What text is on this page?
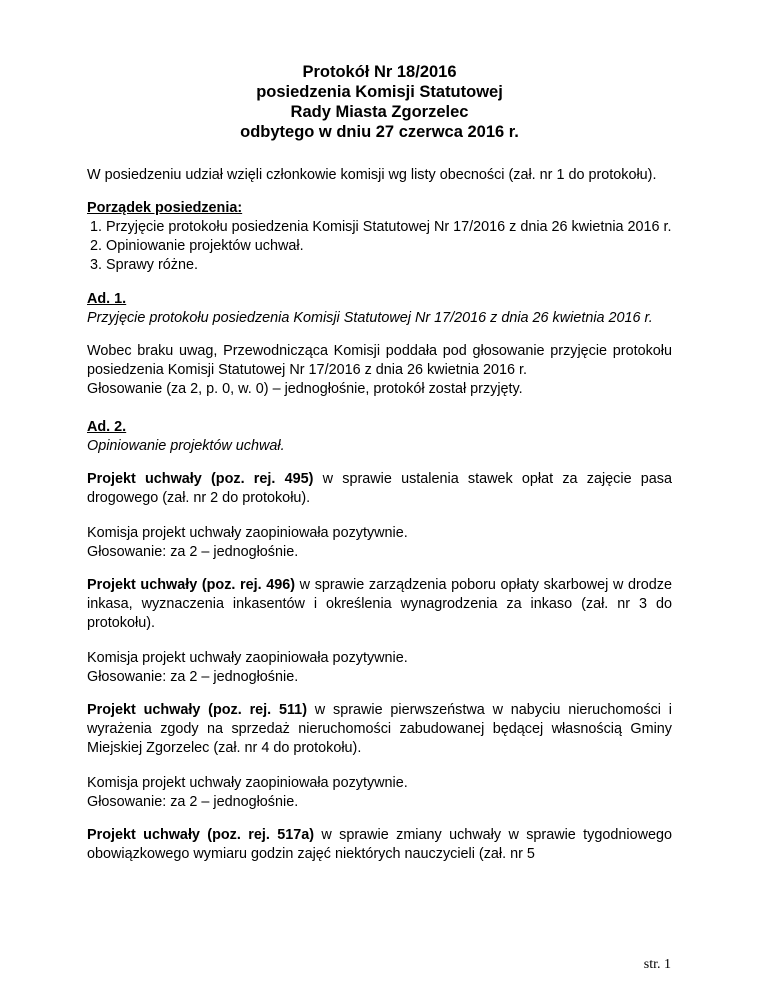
Protokół Nr 18/2016
posiedzenia Komisji Statutowej
Rady Miasta Zgorzelec
odbytego w dniu 27 czerwca 2016 r.

W posiedzeniu udział wzięli członkowie komisji wg listy obecności (zał. nr 1 do protokołu).

Porządek posiedzenia:
1. Przyjęcie protokołu posiedzenia Komisji Statutowej Nr 17/2016 z dnia 26 kwietnia 2016 r.
2. Opiniowanie projektów uchwał.
3. Sprawy różne.
Ad. 1.
Przyjęcie protokołu posiedzenia Komisji Statutowej Nr 17/2016 z dnia 26 kwietnia 2016 r.
Wobec braku uwag, Przewodnicząca Komisji poddała pod głosowanie przyjęcie protokołu posiedzenia Komisji Statutowej Nr 17/2016 z dnia 26 kwietnia 2016 r.
Głosowanie (za 2, p. 0, w. 0) – jednogłośnie, protokół został przyjęty.
Ad. 2.
Opiniowanie projektów uchwał.

Projekt uchwały (poz. rej. 495) w sprawie ustalenia stawek opłat za zajęcie pasa drogowego (zał. nr 2 do protokołu).

Komisja projekt uchwały zaopiniowała pozytywnie.
Głosowanie: za 2 – jednogłośnie.

Projekt uchwały (poz. rej. 496) w sprawie zarządzenia poboru opłaty skarbowej w drodze inkasa, wyznaczenia inkasentów i określenia wynagrodzenia za inkaso (zał. nr 3 do protokołu).

Komisja projekt uchwały zaopiniowała pozytywnie.
Głosowanie: za 2 – jednogłośnie.

Projekt uchwały (poz. rej. 511) w sprawie pierwszeństwa w nabyciu nieruchomości i wyrażenia zgody na sprzedaż nieruchomości zabudowanej będącej własnością Gminy Miejskiej Zgorzelec (zał. nr 4 do protokołu).

Komisja projekt uchwały zaopiniowała pozytywnie.
Głosowanie: za 2 – jednogłośnie.

Projekt uchwały (poz. rej. 517a) w sprawie zmiany uchwały w sprawie tygodniowego obowiązkowego wymiaru godzin zajęć niektórych nauczycieli (zał. nr 5

str. 1
